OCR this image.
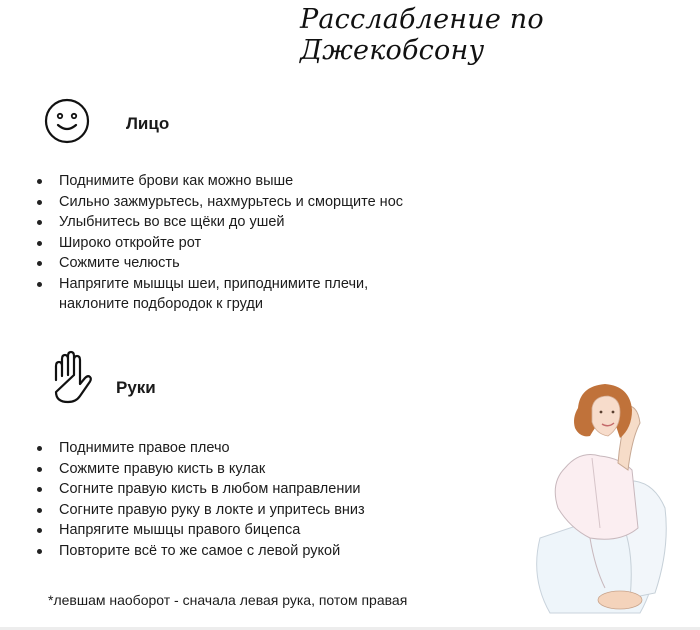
Расслабление по Джекобсону
Лицо
Поднимите брови как можно выше
Сильно зажмурьтесь, нахмурьтесь и сморщите нос
Улыбнитесь во все щёки до ушей
Широко откройте рот
Сожмите челюсть
Напрягите мышцы шеи, приподнимите плечи, наклоните подбородок к груди
Руки
Поднимите правое плечо
Сожмите правую кисть в кулак
Согните правую кисть в любом направлении
Согните правую руку в локте и упритесь вниз
Напрягите мышцы правого бицепса
Повторите всё то же самое с левой рукой
*левшам наоборот - сначала левая рука, потом правая
